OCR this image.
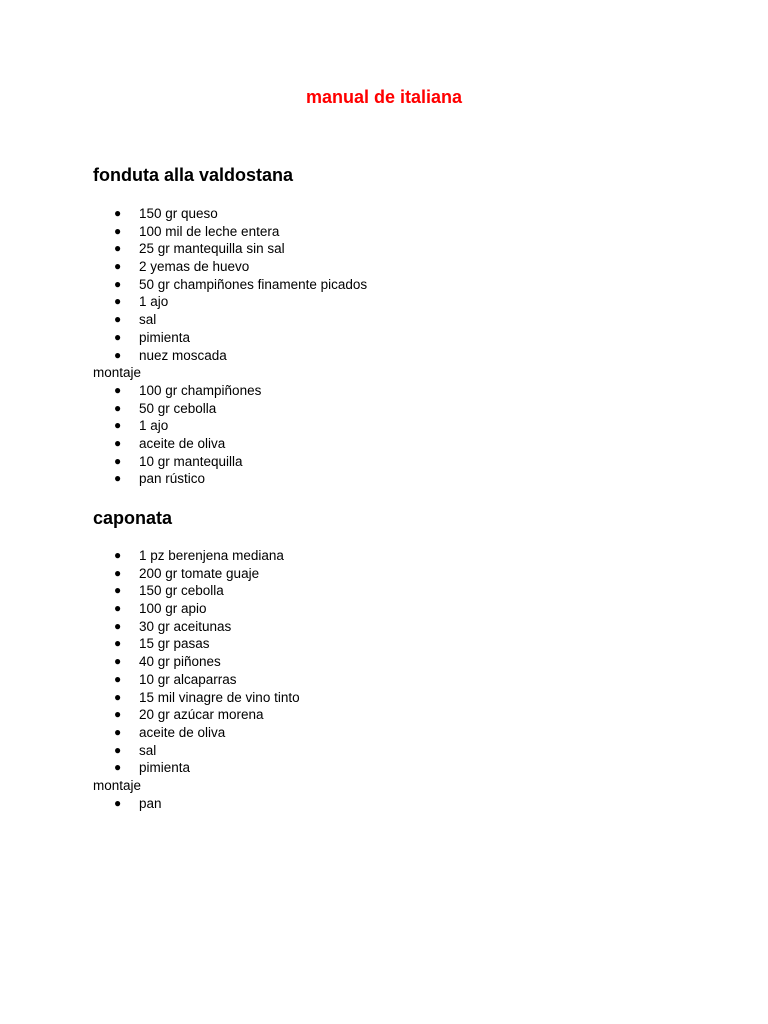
manual de italiana
fonduta alla valdostana
● 150 gr queso
● 100 mil de leche entera
● 25 gr mantequilla sin sal
● 2 yemas de huevo
● 50 gr champiñones finamente picados
● 1 ajo
● sal
● pimienta
● nuez moscada

montaje

● 100 gr champiñones
● 50 gr cebolla
● 1 ajo
● aceite de oliva
● 10 gr mantequilla
● pan rústico
caponata
● 1 pz berenjena mediana
● 200 gr tomate guaje
● 150 gr cebolla
● 100 gr apio
● 30 gr aceitunas
● 15 gr pasas
● 40 gr piñones
● 10 gr alcaparras
● 15 mil vinagre de vino tinto
● 20 gr azúcar morena
● aceite de oliva
● sal
● pimienta

montaje

● pan
